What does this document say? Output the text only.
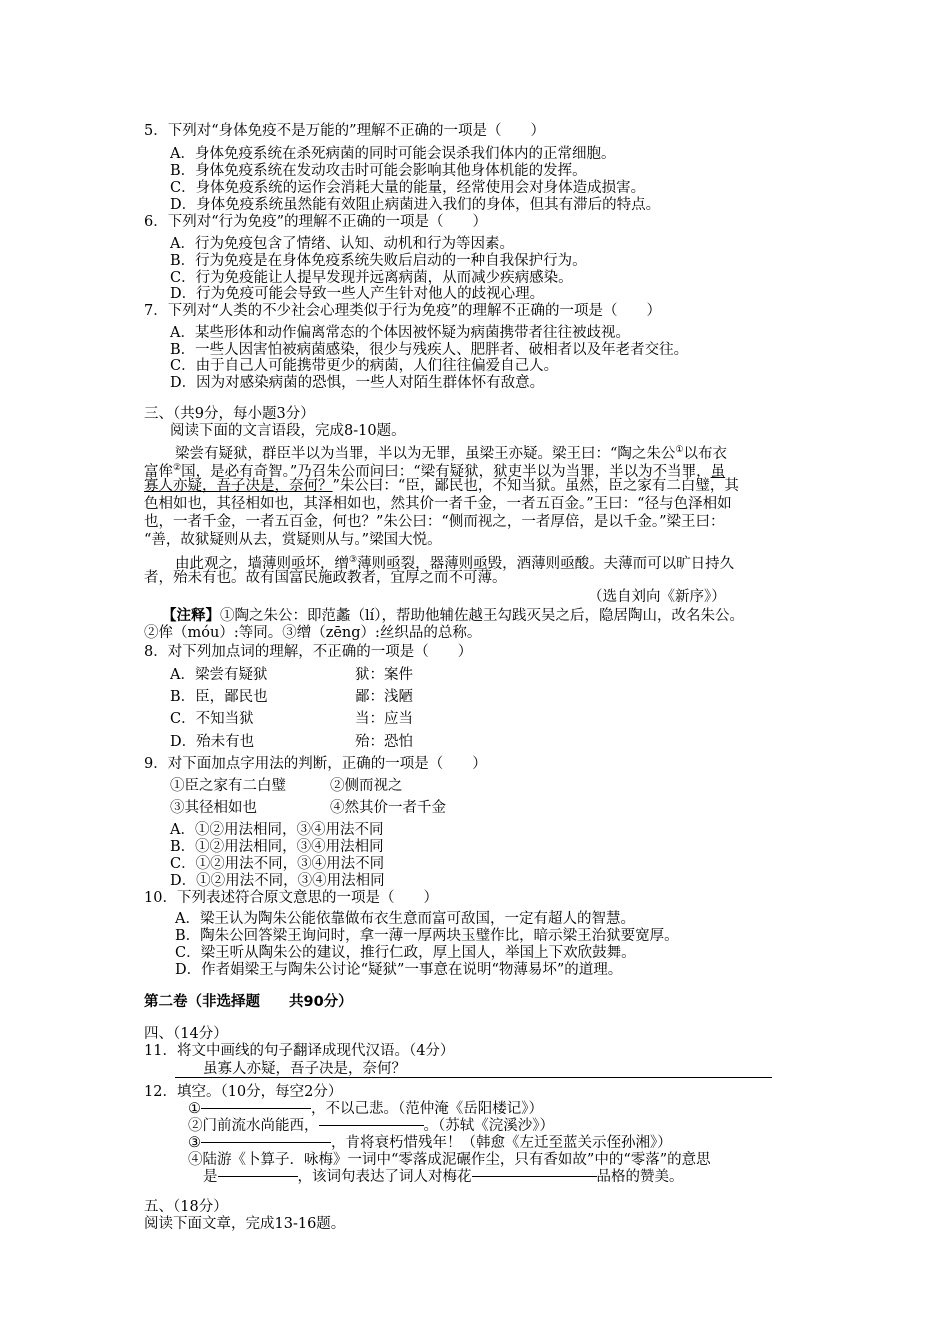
5．下列对“身体免疫不是万能的”理解不正确的一项是（　　）
A．身体免疫系统在杀死病菌的同时可能会误杀我们体内的正常细胞。
B．身体免疫系统在发动攻击时可能会影响其他身体机能的发挥。
C．身体免疫系统的运作会消耗大量的能量，经常使用会对身体造成损害。
D．身体免疫系统虽然能有效阻止病菌进入我们的身体，但其有滞后的特点。
6．下列对“行为免疫”的理解不正确的一项是（　　）
A．行为免疫包含了情绪、认知、动机和行为等因素。
B．行为免疫是在身体免疫系统失败后启动的一种自我保护行为。
C．行为免疫能让人提早发现并远离病菌，从而减少疾病感染。
D．行为免疫可能会导致一些人产生针对他人的歧视心理。
7．下列对“人类的不少社会心理类似于行为免疫”的理解不正确的一项是（　　）
A．某些形体和动作偏离常态的个体因被怀疑为病菌携带者往往被歧视。
B．一些人因害怕被病菌感染，很少与残疾人、肥胖者、破相者以及年老者交往。
C．由于自己人可能携带更少的病菌，人们往往偏爱自己人。
D．因为对感染病菌的恐惧，一些人对陌生群体怀有敌意。
三、（共9分，每小题3分）
阅读下面的文言语段，完成8-10题。
梁尝有疑狱，群臣半以为当罪，半以为无罪，虽梁王亦疑。梁王曰：“陶之朱公①以布衣
富侔②国，是必有奇智。”乃召朱公而问曰：“梁有疑狱，狱吏半以为当罪，半以为不当罪，虽
寡人亦疑，吾子决是，奈何？”朱公曰：“臣，鄙民也，不知当狱。虽然，臣之家有二白璧，其
色相如也，其径相如也，其泽相如也，然其价一者千金，一者五百金。”王曰：“径与色泽相如
也，一者千金，一者五百金，何也？”朱公曰：“侧而视之，一者厚倍，是以千金。”梁王曰：
“善，故狱疑则从去，赏疑则从与。”梁国大悦。
由此观之，墙薄则亟坏，缯③薄则亟裂，器薄则亟毁，酒薄则亟酸。夫薄而可以旷日持久
者，殆未有也。故有国富民施政教者，宜厚之而不可薄。
（选自刘向《新序》）
【注释】①陶之朱公：即范蠡（lí），帮助他辅佐越王勾践灭吴之后，隐居陶山，改名朱公。
②侔（móu）:等同。③缯（zēng）:丝织品的总称。
8．对下列加点词的理解，不正确的一项是（　　）
A．梁尝有疑狱	狱：案件
B．臣，鄙民也	鄙：浅陋
C．不知当狱	当：应当
D．殆未有也	殆：恐怕
9．对下面加点字用法的判断，正确的一项是（　　）
①臣之家有二白璧	②侧而视之
③其径相如也	④然其价一者千金
A．①②用法相同，③④用法不同
B．①②用法相同，③④用法相同
C．①②用法不同，③④用法不同
D．①②用法不同，③④用法相同
10．下列表述符合原文意思的一项是（　　）
A．梁王认为陶朱公能依靠做布衣生意而富可敌国，一定有超人的智慧。
B．陶朱公回答梁王询问时，拿一薄一厚两块玉璧作比，暗示梁王治狱要宽厚。
C．梁王听从陶朱公的建议，推行仁政，厚上国人，举国上下欢欣鼓舞。
D．作者娟梁王与陶朱公讨论“疑狱”一事意在说明“物薄易坏”的道理。
第二卷（非选择题　　共90分）
四、（14分）
11．将文中画线的句子翻译成现代汉语。（4分）
虽寡人亦疑，吾子决是，奈何？
12．填空。（10分，每空2分）
①	，不以己悲。（范仲淹《岳阳楼记》）
②门前流水尚能西，	。（苏轼《浣溪沙》）
③	，肯将衰朽惜残年！（韩愈《左迁至蓝关示侄孙湘》）
④陆游《卜算子．咏梅》一词中“零落成泥碾作尘，只有香如故”中的“零落”的意思
是	，该词句表达了词人对梅花	品格的赞美。
五、（18分）
阅读下面文章，完成13-16题。
